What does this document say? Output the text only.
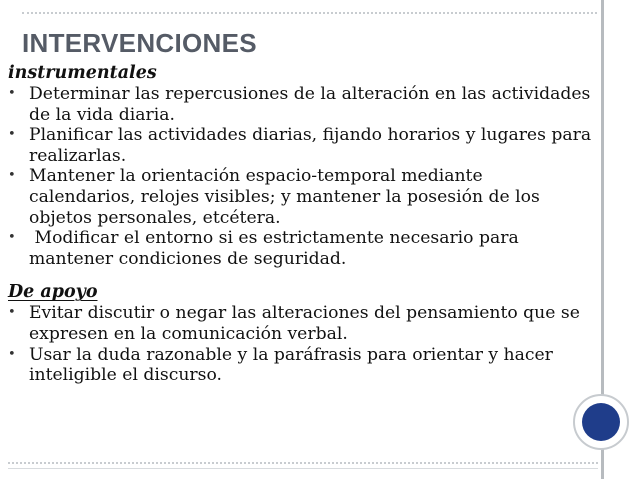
INTERVENCIONES

instrumentales

• Determinar las repercusiones de la alteración en las actividades de la vida diaria.
• Planificar las actividades diarias, fijando horarios y lugares para realizarlas.
• Mantener la orientación espacio-temporal mediante calendarios, relojes visibles; y mantener la posesión de los objetos personales, etcétera.
• Modificar el entorno si es estrictamente necesario para mantener condiciones de seguridad.

De apoyo

• Evitar discutir o negar las alteraciones del pensamiento que se expresen en la comunicación verbal.
• Usar la duda razonable y la paráfrasis para orientar y hacer inteligible el discurso.
